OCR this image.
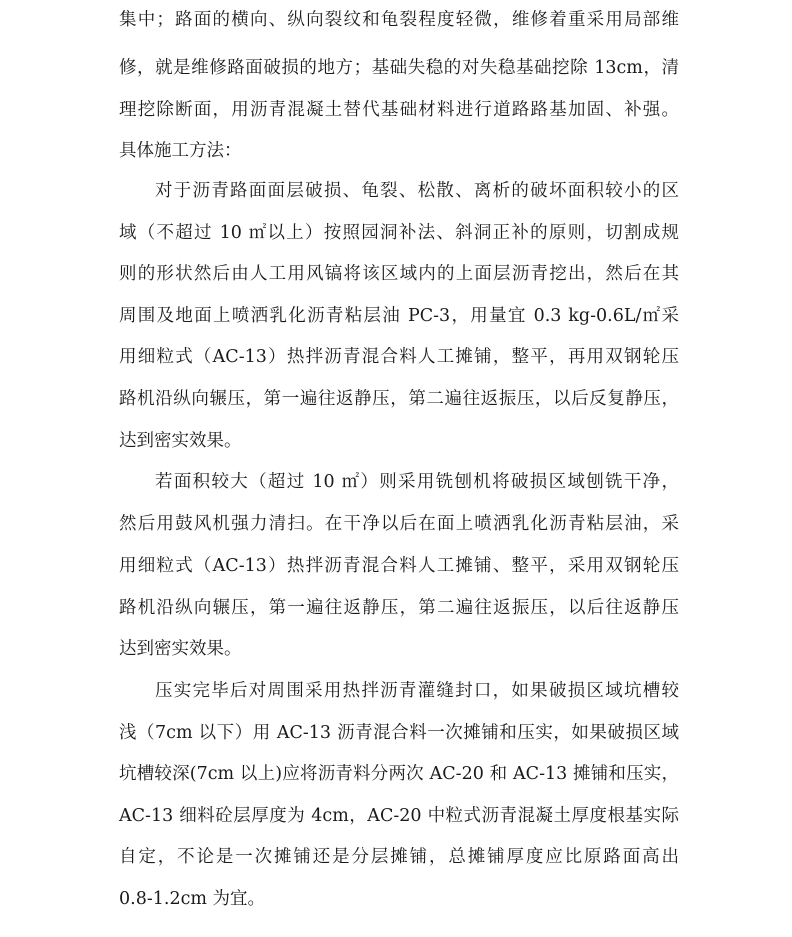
集中；路面的横向、纵向裂纹和龟裂程度轻微，维修着重采用局部维
修，就是维修路面破损的地方；基础失稳的对失稳基础挖除 13cm，清
理挖除断面，用沥青混凝土替代基础材料进行道路路基加固、补强。
具体施工方法：
对于沥青路面面层破损、龟裂、松散、离析的破坏面积较小的区
域（不超过 10 ㎡以上）按照园洞补法、斜洞正补的原则，切割成规
则的形状然后由人工用风镐将该区域内的上面层沥青挖出，然后在其
周围及地面上喷洒乳化沥青粘层油 PC-3，用量宜 0.3 kg-0.6L/㎡采
用细粒式（AC-13）热拌沥青混合料人工摊铺，整平，再用双钢轮压
路机沿纵向辗压，第一遍往返静压，第二遍往返振压，以后反复静压，
达到密实效果。
若面积较大（超过 10 ㎡）则采用铣刨机将破损区域刨铣干净，
然后用鼓风机强力清扫。在干净以后在面上喷洒乳化沥青粘层油，采
用细粒式（AC-13）热拌沥青混合料人工摊铺、整平，采用双钢轮压
路机沿纵向辗压，第一遍往返静压，第二遍往返振压，以后往返静压
达到密实效果。
压实完毕后对周围采用热拌沥青灌缝封口，如果破损区域坑槽较
浅（7cm 以下）用 AC-13 沥青混合料一次摊铺和压实，如果破损区域
坑槽较深(7cm 以上)应将沥青料分两次 AC-20 和 AC-13 摊铺和压实，
AC-13 细料砼层厚度为 4cm，AC-20 中粒式沥青混凝土厚度根基实际
自定，不论是一次摊铺还是分层摊铺，总摊铺厚度应比原路面高出
0.8-1.2cm 为宜。
